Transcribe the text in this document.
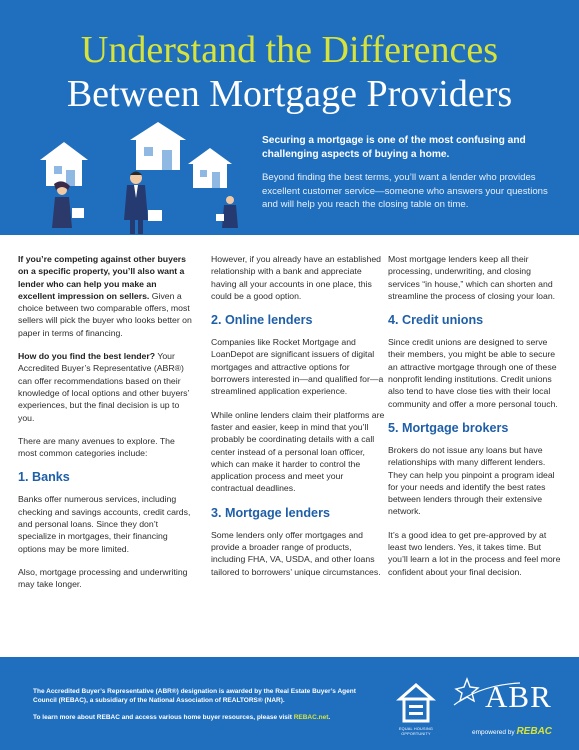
Understand the Differences
Between Mortgage Providers
Securing a mortgage is one of the most confusing and challenging aspects of buying a home.
Beyond finding the best terms, you’ll want a lender who provides excellent customer service—someone who answers your questions and will help you reach the closing table on time.

If you’re competing against other buyers on a specific property, you’ll also want a lender who can help you make an excellent impression on sellers. Given a choice between two comparable offers, most sellers will pick the buyer who looks better on paper in terms of financing.

How do you find the best lender? Your Accredited Buyer’s Representative (ABR®) can offer recommendations based on their knowledge of local options and other buyers’ experiences, but the final decision is up to you.

There are many avenues to explore. The most common categories include:

1. Banks

Banks offer numerous services, including checking and savings accounts, credit cards, and personal loans. Since they don’t specialize in mortgages, their financing options may be more limited.

Also, mortgage processing and underwriting may take longer.

However, if you already have an established relationship with a bank and appreciate having all your accounts in one place, this could be a good option.

2. Online lenders

Companies like Rocket Mortgage and LoanDepot are significant issuers of digital mortgages and attractive options for borrowers interested in—and qualified for—a streamlined application experience.

While online lenders claim their platforms are faster and easier, keep in mind that you’ll probably be coordinating details with a call center instead of a personal loan officer, which can make it harder to control the application process and meet your contractual deadlines.

3. Mortgage lenders

Some lenders only offer mortgages and provide a broader range of products, including FHA, VA, USDA, and other loans tailored to borrowers’ unique circumstances.

Most mortgage lenders keep all their processing, underwriting, and closing services “in house,” which can shorten and streamline the process of closing your loan.

4. Credit unions

Since credit unions are designed to serve their members, you might be able to secure an attractive mortgage through one of these nonprofit lending institutions. Credit unions also tend to have close ties with their local community and offer a more personal touch.

5. Mortgage brokers

Brokers do not issue any loans but have relationships with many different lenders. They can help you pinpoint a program ideal for your needs and identify the best rates between lenders through their extensive network.

It’s a good idea to get pre-approved by at least two lenders. Yes, it takes time. But you’ll learn a lot in the process and feel more confident about your final decision.

The Accredited Buyer’s Representative (ABR®) designation is awarded by the Real Estate Buyer’s Agent Council (REBAC), a subsidiary of the National Association of REALTORS® (NAR).
To learn more about REBAC and access various home buyer resources, please visit REBAC.net.
EQUAL HOUSING OPPORTUNITY
ABR
empowered by REBAC
